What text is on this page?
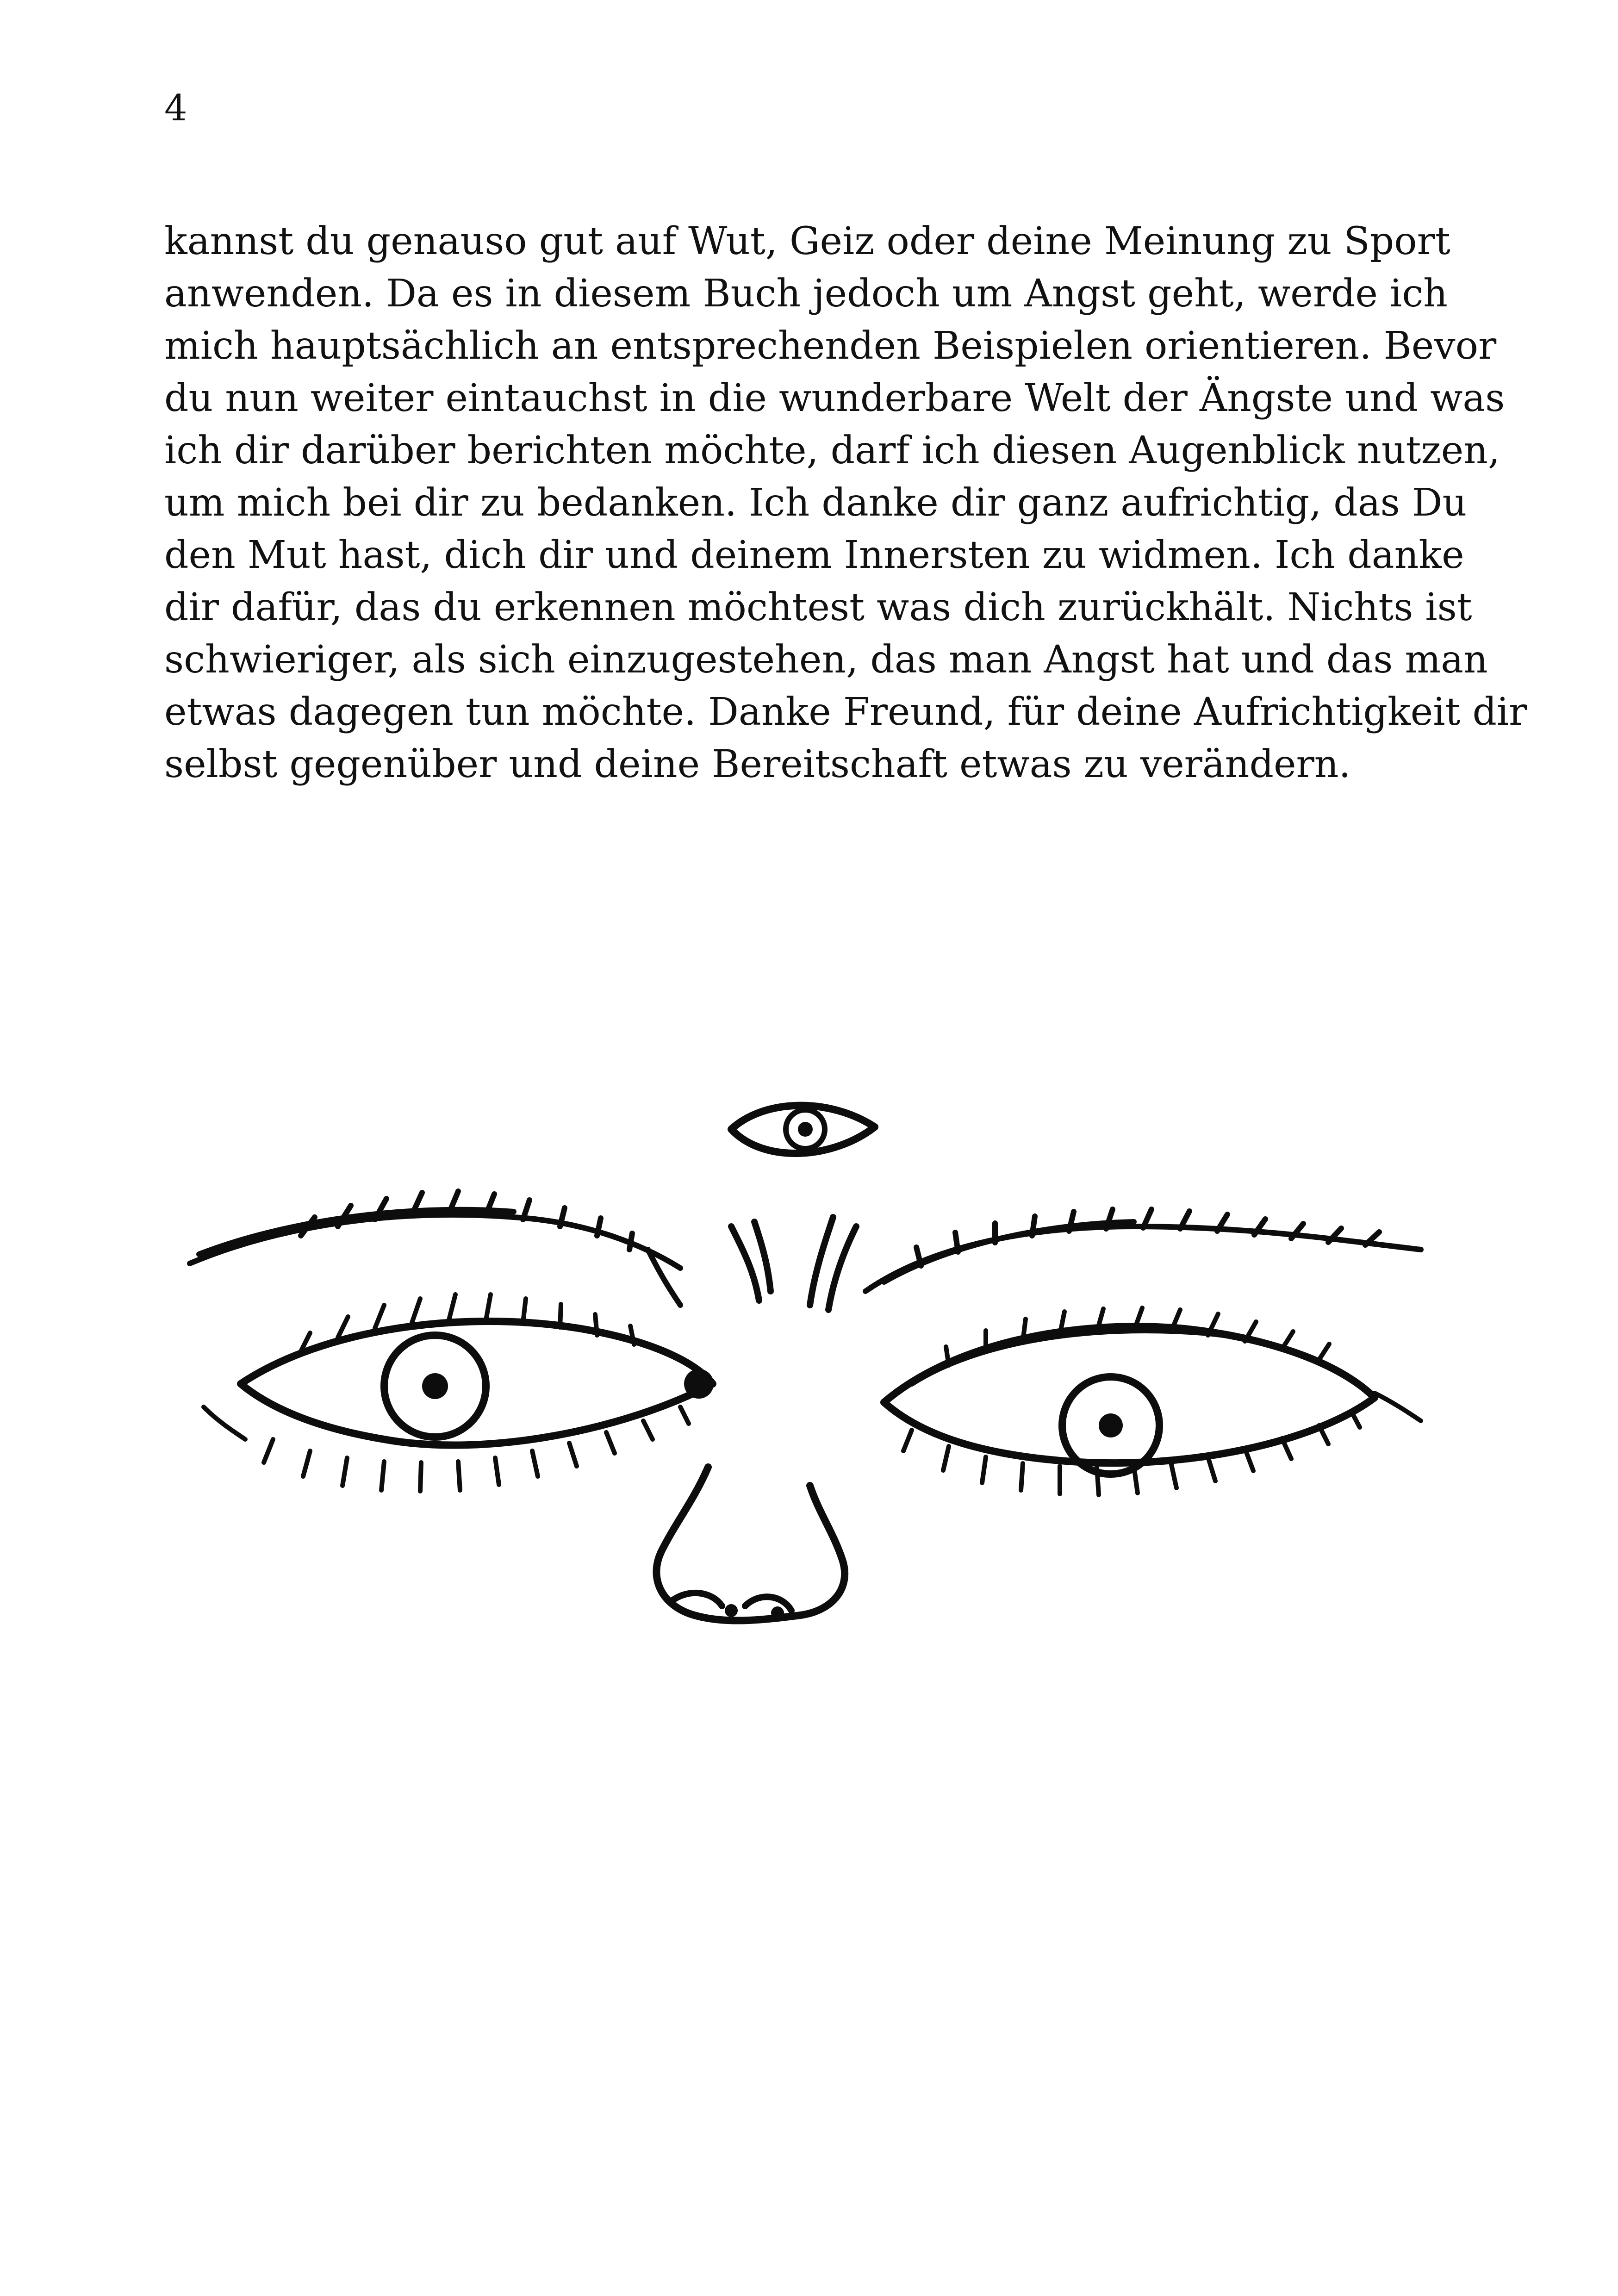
4
kannst du genauso gut auf Wut, Geiz oder deine Meinung zu Sport
anwenden. Da es in diesem Buch jedoch um Angst geht, werde ich
mich hauptsächlich an entsprechenden Beispielen orientieren. Bevor
du nun weiter eintauchst in die wunderbare Welt der Ängste und was
ich dir darüber berichten möchte, darf ich diesen Augenblick nutzen,
um mich bei dir zu bedanken. Ich danke dir ganz aufrichtig, das Du
den Mut hast, dich dir und deinem Innersten zu widmen. Ich danke
dir dafür, das du erkennen möchtest was dich zurückhält. Nichts ist
schwieriger, als sich einzugestehen, das man Angst hat und das man
etwas dagegen tun möchte. Danke Freund, für deine Aufrichtigkeit dir
selbst gegenüber und deine Bereitschaft etwas zu verändern.
